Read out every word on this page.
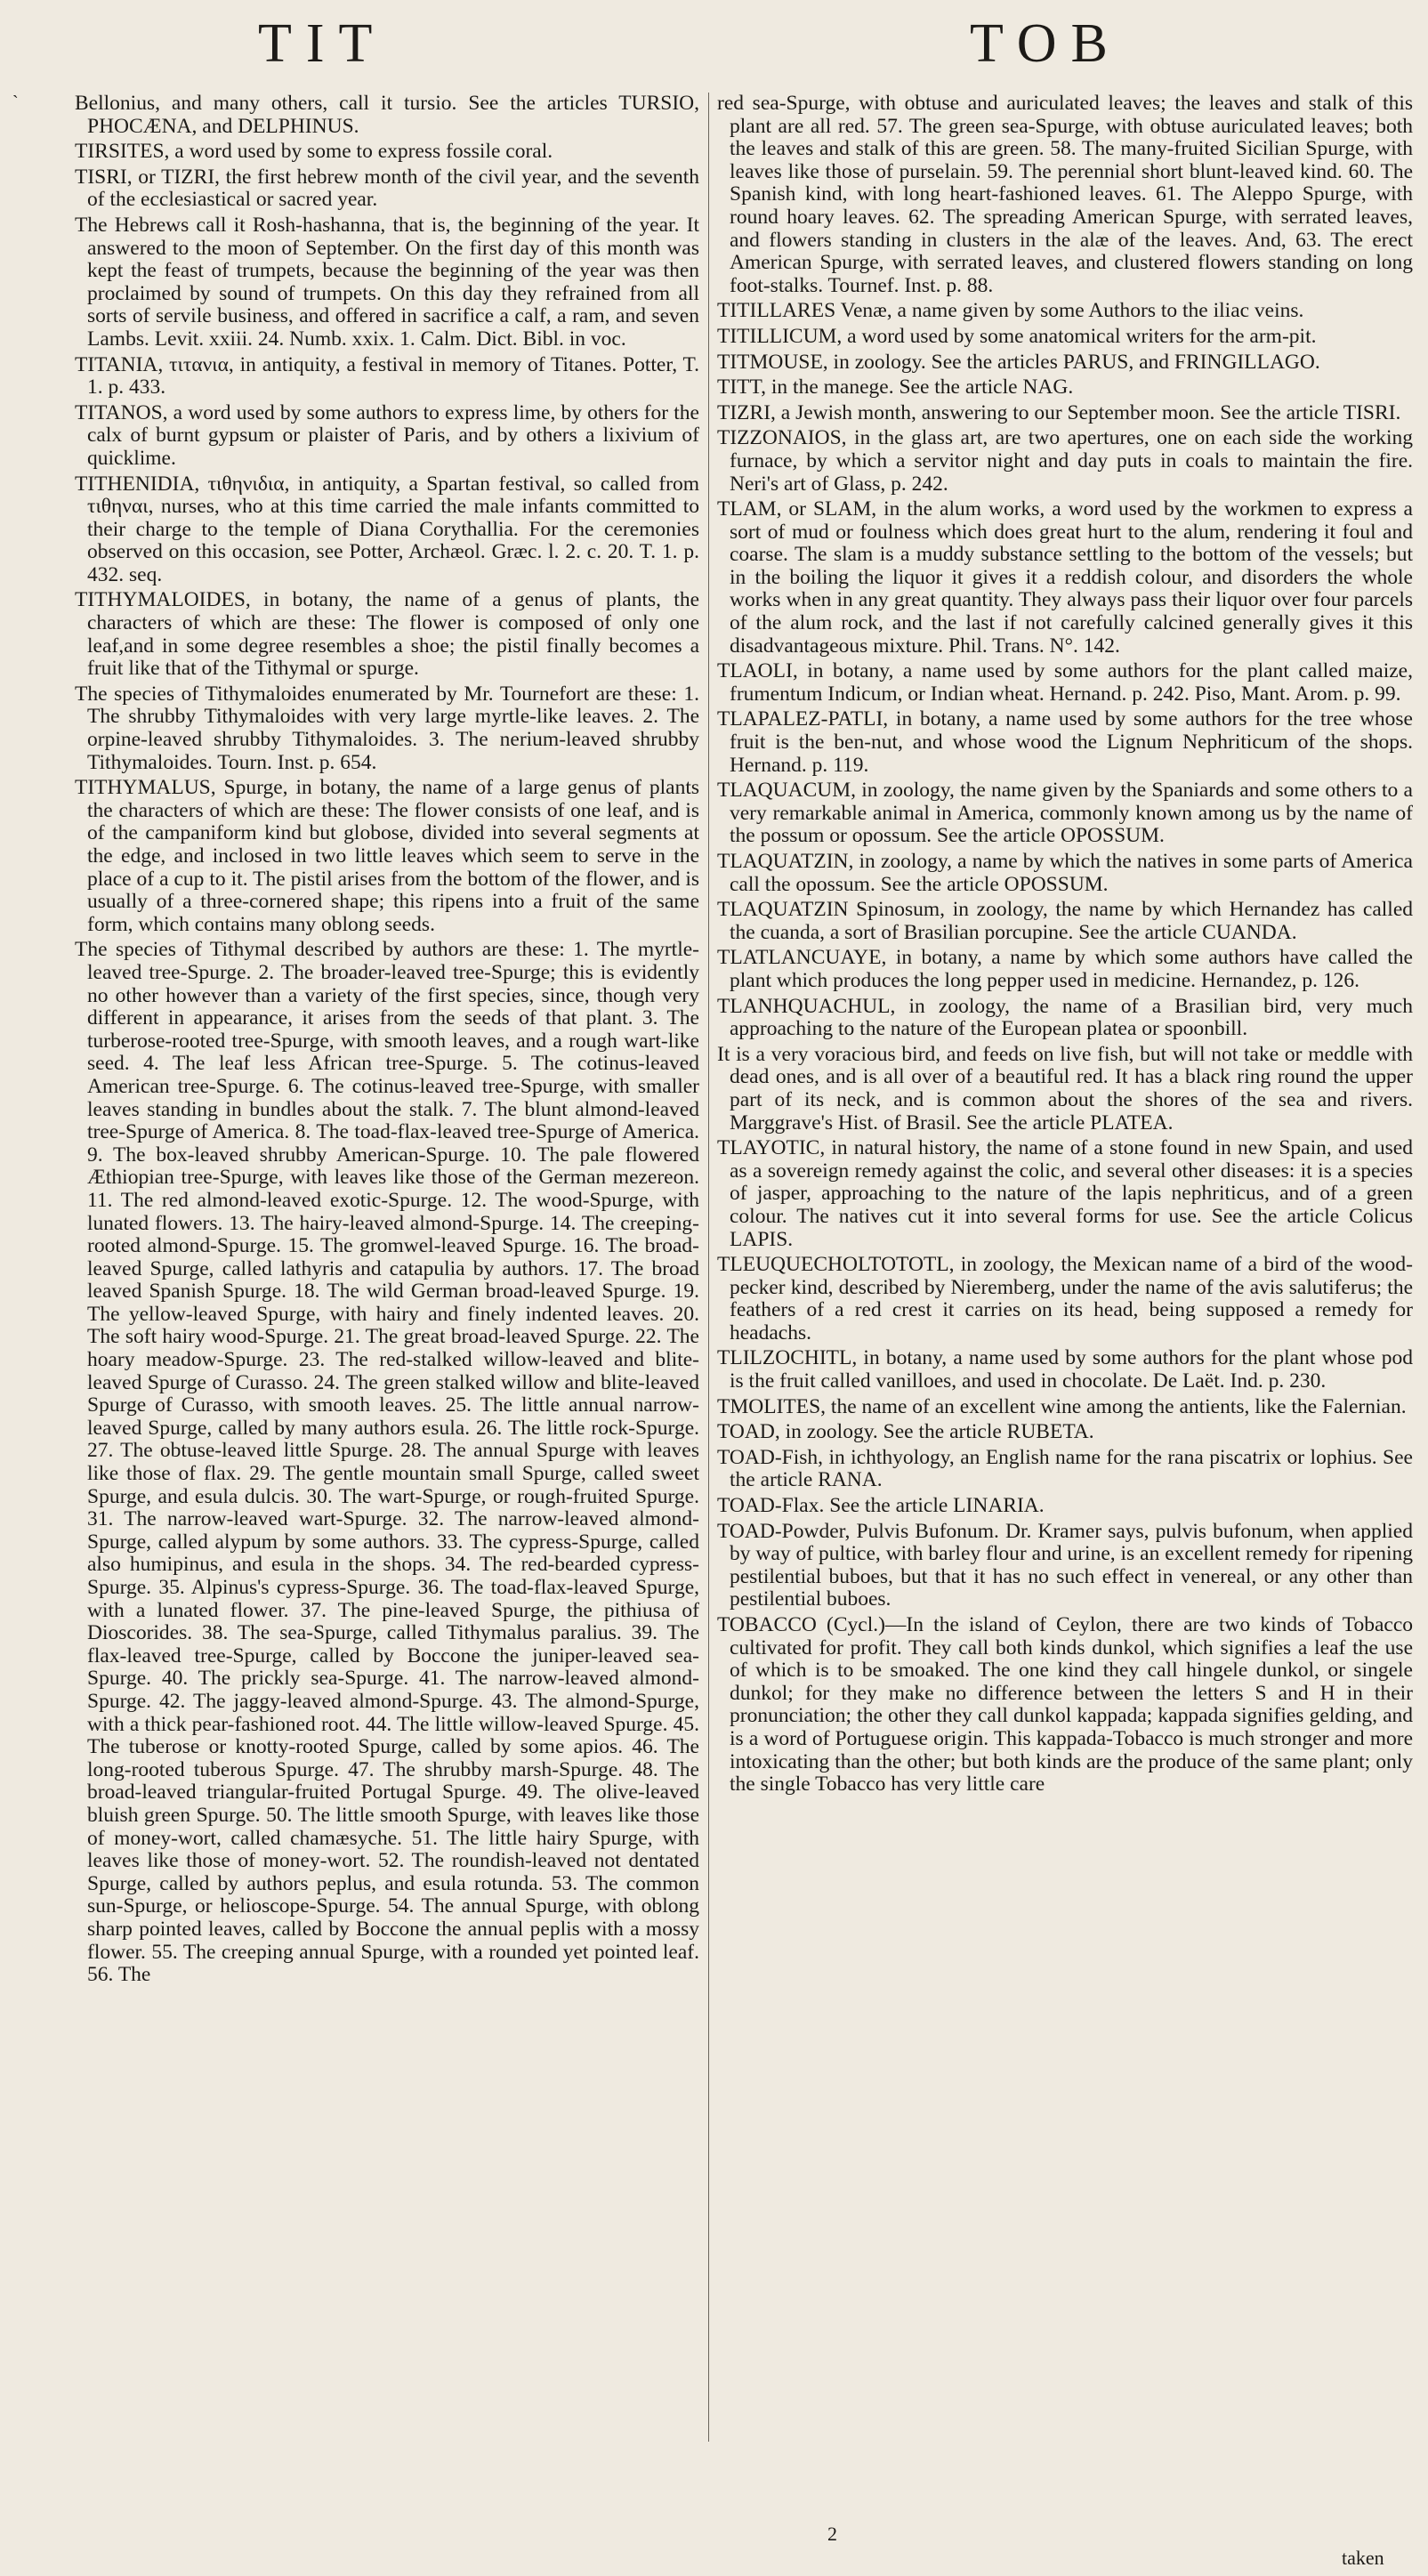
TIT	TOB
`	Bellonius, and many others, call it tursio. See the articles TURSIO, PHOCÆNA, and DELPHINUS.

TIRSITES, a word used by some to express fossile coral.

TISRI, or TIZRI, the first hebrew month of the civil year, and the seventh of the ecclesiastical or sacred year.

The Hebrews call it Rosh-hashanna, that is, the beginning of the year. It answered to the moon of September. On the first day of this month was kept the feast of trumpets, because the beginning of the year was then proclaimed by sound of trumpets. On this day they refrained from all sorts of servile business, and offered in sacrifice a calf, a ram, and seven Lambs. Levit. xxiii. 24. Numb. xxix. 1. Calm. Dict. Bibl. in voc.

TITANIA, τιτανια, in antiquity, a festival in memory of Titanes. Potter, T. 1. p. 433.

TITANOS, a word used by some authors to express lime, by others for the calx of burnt gypsum or plaister of Paris, and by others a lixivium of quicklime.

TITHENIDIA, τιθηνιδια, in antiquity, a Spartan festival, so called from τιθηναι, nurses, who at this time carried the male infants committed to their charge to the temple of Diana Corythallia. For the ceremonies observed on this occasion, see Potter, Archæol. Græc. l. 2. c. 20. T. 1. p. 432. seq.

TITHYMALOIDES, in botany, the name of a genus of plants, the characters of which are these: The flower is composed of only one leaf,and in some degree resembles a shoe; the pistil finally becomes a fruit like that of the Tithymal or spurge.

The species of Tithymaloides enumerated by Mr. Tournefort are these: 1. The shrubby Tithymaloides with very large myrtle-like leaves. 2. The orpine-leaved shrubby Tithymaloides. 3. The nerium-leaved shrubby Tithymaloides. Tourn. Inst. p. 654.

TITHYMALUS, Spurge, in botany, the name of a large genus of plants the characters of which are these: The flower consists of one leaf, and is of the campaniform kind but globose, divided into several segments at the edge, and inclosed in two little leaves which seem to serve in the place of a cup to it. The pistil arises from the bottom of the flower, and is usually of a three-cornered shape; this ripens into a fruit of the same form, which contains many oblong seeds.

The species of Tithymal described by authors are these: 1. The myrtle-leaved tree-Spurge. 2. The broader-leaved tree-Spurge; this is evidently no other however than a variety of the first species, since, though very different in appearance, it arises from the seeds of that plant. 3. The turberose-rooted tree-Spurge, with smooth leaves, and a rough wart-like seed. 4. The leaf less African tree-Spurge. 5. The cotinus-leaved American tree-Spurge. 6. The cotinus-leaved tree-Spurge, with smaller leaves standing in bundles about the stalk. 7. The blunt almond-leaved tree-Spurge of America. 8. The toad-flax-leaved tree-Spurge of America. 9. The box-leaved shrubby American-Spurge. 10. The pale flowered Æthiopian tree-Spurge, with leaves like those of the German mezereon. 11. The red almond-leaved exotic-Spurge. 12. The wood-Spurge, with lunated flowers. 13. The hairy-leaved almond-Spurge. 14. The creeping-rooted almond-Spurge. 15. The gromwel-leaved Spurge. 16. The broad-leaved Spurge, called lathyris and catapulia by authors. 17. The broad leaved Spanish Spurge. 18. The wild German broad-leaved Spurge. 19. The yellow-leaved Spurge, with hairy and finely indented leaves. 20. The soft hairy wood-Spurge. 21. The great broad-leaved Spurge. 22. The hoary meadow-Spurge. 23. The red-stalked willow-leaved and blite-leaved Spurge of Curasso. 24. The green stalked willow and blite-leaved Spurge of Curasso, with smooth leaves. 25. The little annual narrow-leaved Spurge, called by many authors esula. 26. The little rock-Spurge. 27. The obtuse-leaved little Spurge. 28. The annual Spurge with leaves like those of flax. 29. The gentle mountain small Spurge, called sweet Spurge, and esula dulcis. 30. The wart-Spurge, or rough-fruited Spurge. 31. The narrow-leaved wart-Spurge. 32. The narrow-leaved almond-Spurge, called alypum by some authors. 33. The cypress-Spurge, called also humipinus, and esula in the shops. 34. The red-bearded cypress-Spurge. 35. Alpinus's cypress-Spurge. 36. The toad-flax-leaved Spurge, with a lunated flower. 37. The pine-leaved Spurge, the pithiusa of Dioscorides. 38. The sea-Spurge, called Tithymalus paralius. 39. The flax-leaved tree-Spurge, called by Boccone the juniper-leaved sea-Spurge. 40. The prickly sea-Spurge. 41. The narrow-leaved almond-Spurge. 42. The jaggy-leaved almond-Spurge. 43. The almond-Spurge, with a thick pear-fashioned root. 44. The little willow-leaved Spurge. 45. The tuberose or knotty-rooted Spurge, called by some apios. 46. The long-rooted tuberous Spurge. 47. The shrubby marsh-Spurge. 48. The broad-leaved triangular-fruited Portugal Spurge. 49. The olive-leaved bluish green Spurge. 50. The little smooth Spurge, with leaves like those of money-wort, called chamæsyche. 51. The little hairy Spurge, with leaves like those of money-wort. 52. The roundish-leaved not dentated Spurge, called by authors peplus, and esula rotunda. 53. The common sun-Spurge, or helioscope-Spurge. 54. The annual Spurge, with oblong sharp pointed leaves, called by Boccone the annual peplis with a mossy flower. 55. The creeping annual Spurge, with a rounded yet pointed leaf. 56. The

red sea-Spurge, with obtuse and auriculated leaves; the leaves and stalk of this plant are all red. 57. The green sea-Spurge, with obtuse auriculated leaves; both the leaves and stalk of this are green. 58. The many-fruited Sicilian Spurge, with leaves like those of purselain. 59. The perennial short blunt-leaved kind. 60. The Spanish kind, with long heart-fashioned leaves. 61. The Aleppo Spurge, with round hoary leaves. 62. The spreading American Spurge, with serrated leaves, and flowers standing in clusters in the alæ of the leaves. And, 63. The erect American Spurge, with serrated leaves, and clustered flowers standing on long foot-stalks. Tournef. Inst. p. 88.

TITILLARES Venæ, a name given by some Authors to the iliac veins.

TITILLICUM, a word used by some anatomical writers for the arm-pit.

TITMOUSE, in zoology. See the articles PARUS, and FRINGILLAGO.

TITT, in the manege. See the article NAG.

TIZRI, a Jewish month, answering to our September moon. See the article TISRI.

TIZZONAIOS, in the glass art, are two apertures, one on each side the working furnace, by which a servitor night and day puts in coals to maintain the fire. Neri's art of Glass, p. 242.

TLAM, or SLAM, in the alum works, a word used by the workmen to express a sort of mud or foulness which does great hurt to the alum, rendering it foul and coarse. The slam is a muddy substance settling to the bottom of the vessels; but in the boiling the liquor it gives it a reddish colour, and disorders the whole works when in any great quantity. They always pass their liquor over four parcels of the alum rock, and the last if not carefully calcined generally gives it this disadvantageous mixture. Phil. Trans. N°. 142.

TLAOLI, in botany, a name used by some authors for the plant called maize, frumentum Indicum, or Indian wheat. Hernand. p. 242. Piso, Mant. Arom. p. 99.

TLAPALEZ-PATLI, in botany, a name used by some authors for the tree whose fruit is the ben-nut, and whose wood the Lignum Nephriticum of the shops. Hernand. p. 119.

TLAQUACUM, in zoology, the name given by the Spaniards and some others to a very remarkable animal in America, commonly known among us by the name of the possum or opossum. See the article OPOSSUM.

TLAQUATZIN, in zoology, a name by which the natives in some parts of America call the opossum. See the article OPOSSUM.

TLAQUATZIN Spinosum, in zoology, the name by which Hernandez has called the cuanda, a sort of Brasilian porcupine. See the article CUANDA.

TLATLANCUAYE, in botany, a name by which some authors have called the plant which produces the long pepper used in medicine. Hernandez, p. 126.

TLANHQUACHUL, in zoology, the name of a Brasilian bird, very much approaching to the nature of the European platea or spoonbill.

It is a very voracious bird, and feeds on live fish, but will not take or meddle with dead ones, and is all over of a beautiful red. It has a black ring round the upper part of its neck, and is common about the shores of the sea and rivers. Marggrave's Hist. of Brasil. See the article PLATEA.

TLAYOTIC, in natural history, the name of a stone found in new Spain, and used as a sovereign remedy against the colic, and several other diseases: it is a species of jasper, approaching to the nature of the lapis nephriticus, and of a green colour. The natives cut it into several forms for use. See the article Colicus LAPIS.

TLEUQUECHOLTOTOTL, in zoology, the Mexican name of a bird of the wood-pecker kind, described by Nieremberg, under the name of the avis salutiferus; the feathers of a red crest it carries on its head, being supposed a remedy for headachs.

TLILZOCHITL, in botany, a name used by some authors for the plant whose pod is the fruit called vanilloes, and used in chocolate. De Laët. Ind. p. 230.

TMOLITES, the name of an excellent wine among the antients, like the Falernian.

TOAD, in zoology. See the article RUBETA.

TOAD-Fish, in ichthyology, an English name for the rana piscatrix or lophius. See the article RANA.

TOAD-Flax. See the article LINARIA.

TOAD-Powder, Pulvis Bufonum. Dr. Kramer says, pulvis bufonum, when applied by way of pultice, with barley flour and urine, is an excellent remedy for ripening pestilential buboes, but that it has no such effect in venereal, or any other than pestilential buboes.

TOBACCO (Cycl.)—In the island of Ceylon, there are two kinds of Tobacco cultivated for profit. They call both kinds dunkol, which signifies a leaf the use of which is to be smoaked. The one kind they call hingele dunkol, or singele dunkol; for they make no difference between the letters S and H in their pronunciation; the other they call dunkol kappada; kappada signifies gelding, and is a word of Portuguese origin. This kappada-Tobacco is much stronger and more intoxicating than the other; but both kinds are the produce of the same plant; only the single Tobacco has very little care

2
taken
